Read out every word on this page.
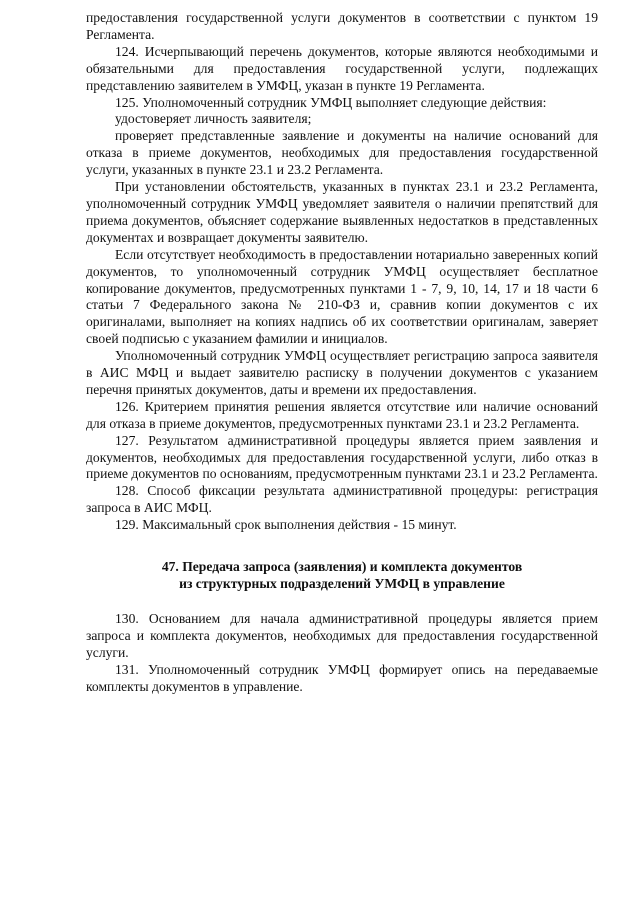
предоставления государственной услуги документов в соответствии с пунктом 19 Регламента.

124. Исчерпывающий перечень документов, которые являются необходимыми и обязательными для предоставления государственной услуги, подлежащих представлению заявителем в УМФЦ, указан в пункте 19 Регламента.

125. Уполномоченный сотрудник УМФЦ выполняет следующие действия:

удостоверяет личность заявителя;

проверяет представленные заявление и документы на наличие оснований для отказа в приеме документов, необходимых для предоставления государственной услуги, указанных в пункте 23.1 и 23.2 Регламента.

При установлении обстоятельств, указанных в пунктах 23.1 и 23.2 Регламента, уполномоченный сотрудник УМФЦ уведомляет заявителя о наличии препятствий для приема документов, объясняет содержание выявленных недостатков в представленных документах и возвращает документы заявителю.

Если отсутствует необходимость в предоставлении нотариально заверенных копий документов, то уполномоченный сотрудник УМФЦ осуществляет бесплатное копирование документов, предусмотренных пунктами 1 - 7, 9, 10, 14, 17 и 18 части 6 статьи 7 Федерального закона № 210-ФЗ и, сравнив копии документов с их оригиналами, выполняет на копиях надпись об их соответствии оригиналам, заверяет своей подписью с указанием фамилии и инициалов.

Уполномоченный сотрудник УМФЦ осуществляет регистрацию запроса заявителя в АИС МФЦ и выдает заявителю расписку в получении документов с указанием перечня принятых документов, даты и времени их предоставления.

126. Критерием принятия решения является отсутствие или наличие оснований для отказа в приеме документов, предусмотренных пунктами 23.1 и 23.2 Регламента.

127. Результатом административной процедуры является прием заявления и документов, необходимых для предоставления государственной услуги, либо отказ в приеме документов по основаниям, предусмотренным пунктами 23.1 и 23.2 Регламента.

128. Способ фиксации результата административной процедуры: регистрация запроса в АИС МФЦ.

129. Максимальный срок выполнения действия - 15 минут.

47. Передача запроса (заявления) и комплекта документов
из структурных подразделений УМФЦ в управление

130. Основанием для начала административной процедуры является прием запроса и комплекта документов, необходимых для предоставления государственной услуги.

131. Уполномоченный сотрудник УМФЦ формирует опись на передаваемые комплекты документов в управление.
